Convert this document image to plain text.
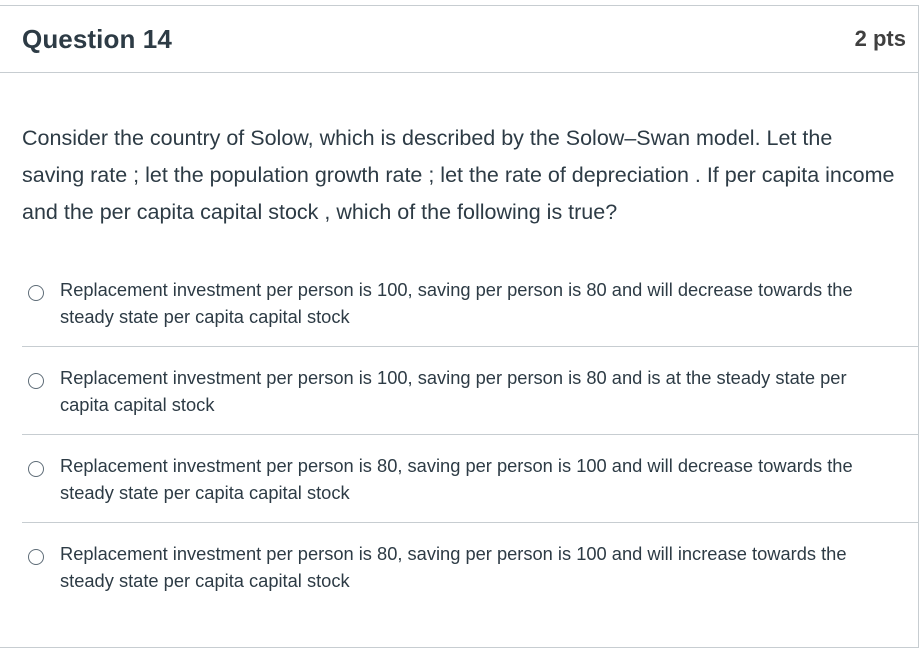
Question 14	2 pts

Consider the country of Solow, which is described by the Solow–Swan model. Let the saving rate ; let the population growth rate ; let the rate of depreciation . If per capita income and the per capita capital stock , which of the following is true?

Replacement investment per person is 100, saving per person is 80 and will decrease towards the steady state per capita capital stock
Replacement investment per person is 100, saving per person is 80 and is at the steady state per capita capital stock
Replacement investment per person is 80, saving per person is 100 and will decrease towards the steady state per capita capital stock
Replacement investment per person is 80, saving per person is 100 and will increase towards the steady state per capita capital stock
